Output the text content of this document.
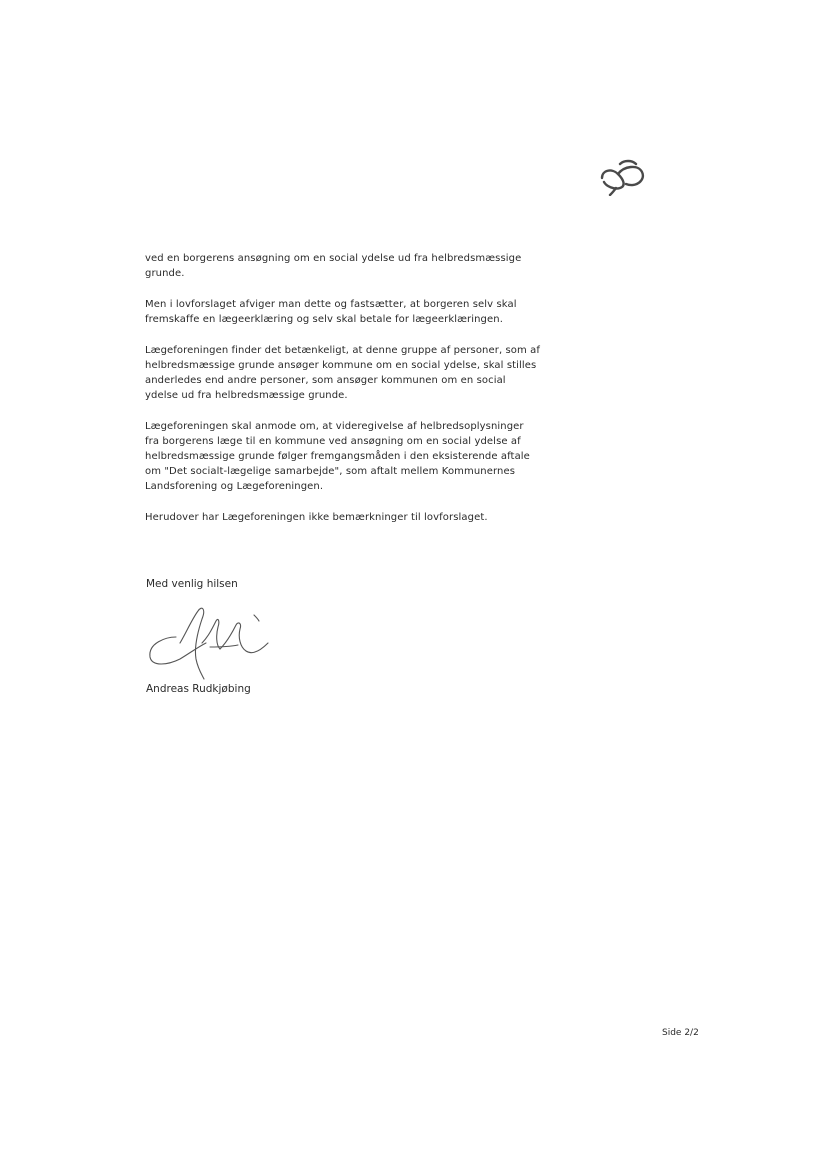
ved en borgerens ansøgning om en social ydelse ud fra helbredsmæssige
grunde.

Men i lovforslaget afviger man dette og fastsætter, at borgeren selv skal
fremskaffe en lægeerklæring og selv skal betale for lægeerklæringen.

Lægeforeningen finder det betænkeligt, at denne gruppe af personer, som af
helbredsmæssige grunde ansøger kommune om en social ydelse, skal stilles
anderledes end andre personer, som ansøger kommunen om en social
ydelse ud fra helbredsmæssige grunde.

Lægeforeningen skal anmode om, at videregivelse af helbredsoplysninger
fra borgerens læge til en kommune ved ansøgning om en social ydelse af
helbredsmæssige grunde følger fremgangsmåden i den eksisterende aftale
om "Det socialt-lægelige samarbejde", som aftalt mellem Kommunernes
Landsforening og Lægeforeningen.

Herudover har Lægeforeningen ikke bemærkninger til lovforslaget.

Med venlig hilsen
Andreas Rudkjøbing
Side 2/2
